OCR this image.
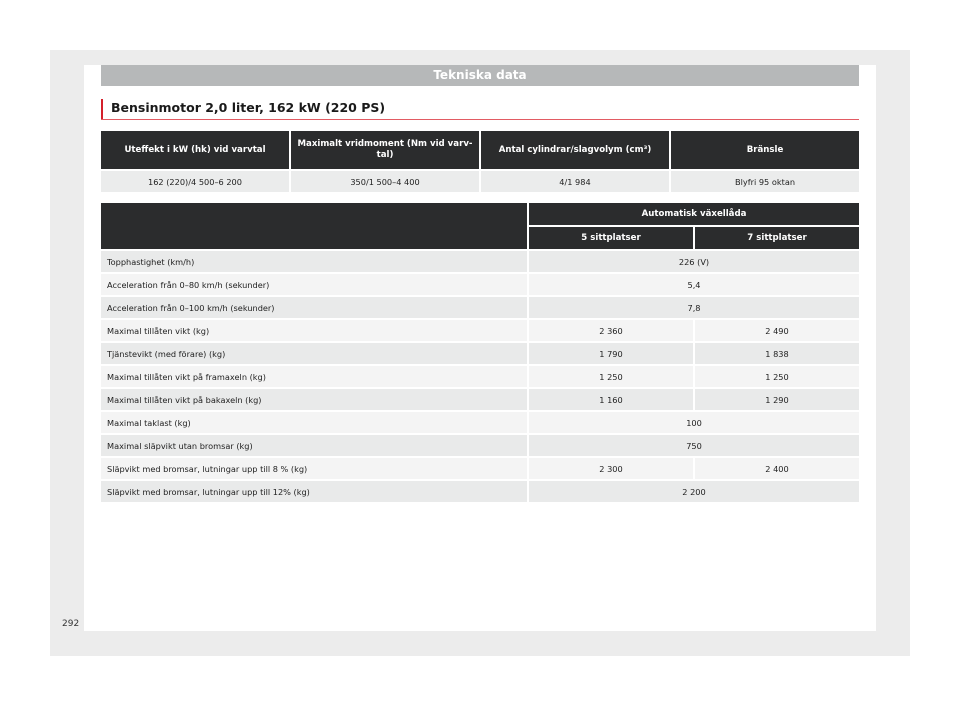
Tekniska data
Bensinmotor 2,0 liter, 162 kW (220 PS)
Uteffekt i kW (hk) vid varvtal	Maximalt vridmoment (Nm vid varv-tal)	Antal cylindrar/slagvolym (cm³)	Bränsle
162 (220)/4 500–6 200	350/1 500–4 400	4/1 984	Blyfri 95 oktan
	Automatisk växellåda	
	5 sittplatser	7 sittplatser
Topphastighet (km/h)	226 (V)	
Acceleration från 0–80 km/h (sekunder)	5,4	
Acceleration från 0–100 km/h (sekunder)	7,8	
Maximal tillåten vikt (kg)	2 360	2 490
Tjänstevikt (med förare) (kg)	1 790	1 838
Maximal tillåten vikt på framaxeln (kg)	1 250	1 250
Maximal tillåten vikt på bakaxeln (kg)	1 160	1 290
Maximal taklast (kg)	100	
Maximal släpvikt utan bromsar (kg)	750	
Släpvikt med bromsar, lutningar upp till 8 % (kg)	2 300	2 400
Släpvikt med bromsar, lutningar upp till 12% (kg)	2 200	
292
